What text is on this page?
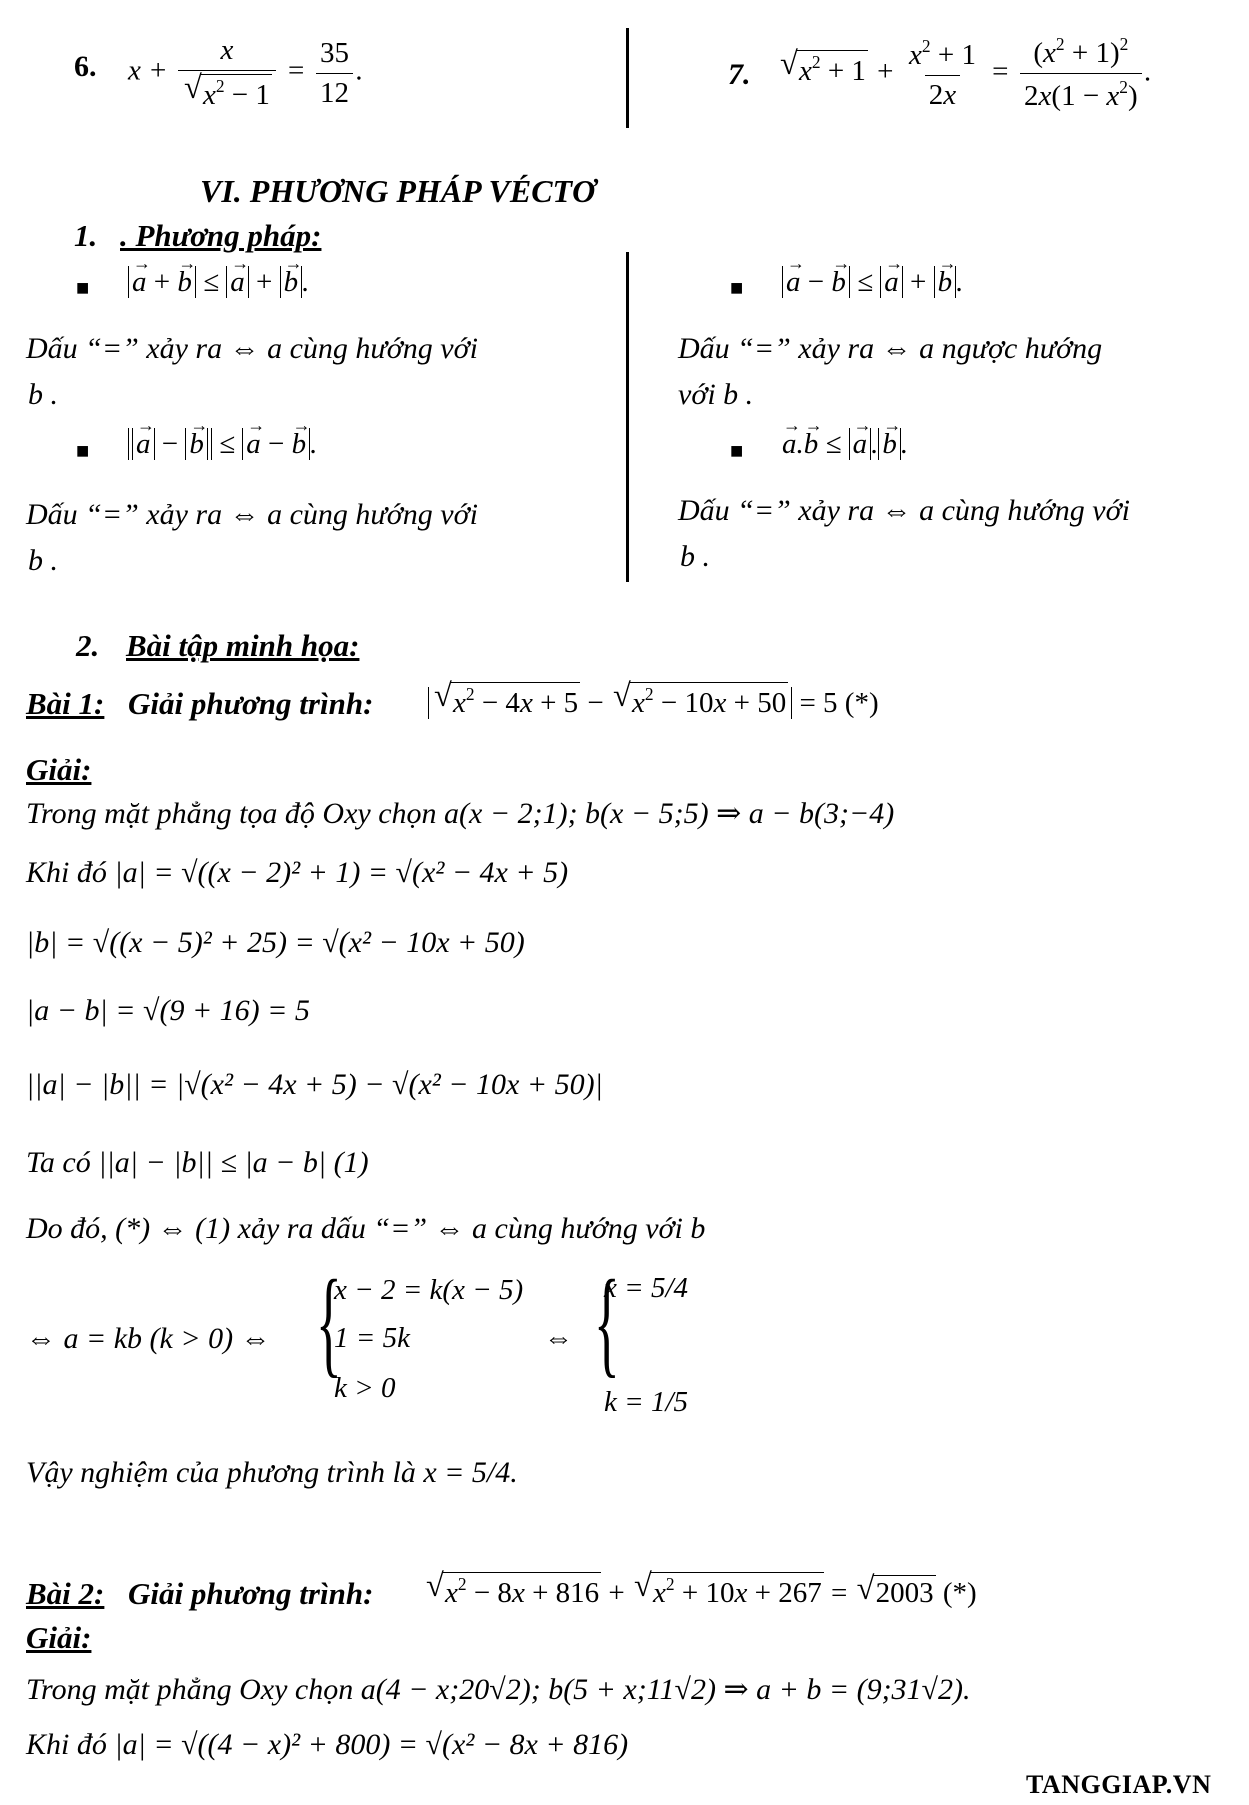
6. x + x
√ $x^2 - 1 = \frac{35}{12}$ .	7.	√ $x^2 + 1 + \frac{x^2 + 1}{2x} = \frac{(x^2 + 1)^2}{2x(1 - x^2)}$ .
VI. PHƯƠNG PHÁP VÉCTƠ
1. . Phương pháp:
■ a → + b → ≤ a → + b → .
Dấu “=” xảy ra ⇔ a cùng hướng với
b .
■ a → − b → ≤ a → − b → .
Dấu “=” xảy ra ⇔ a cùng hướng với
b .
■ a → − b → ≤ a → + b → .
Dấu “=” xảy ra ⇔ a ngược hướng
với b .
■ a →.b → ≤ a → . b → .
Dấu “=” xảy ra ⇔ a cùng hướng với
b .
2. Bài tập minh họa:
Bài 1: Giải phương trình:	√ $x^2 - 4x + 5$ − √ $x^2 - 10x + 50 = 5$ (*)
Giải:
Trong mặt phẳng tọa độ Oxy chọn a(x − 2;1); b(x − 5;5) ⇒ a − b(3;−4)
Khi đó |a| = √((x − 2)² + 1) = √(x² − 4x + 5)
|b| = √((x − 5)² + 25) = √(x² − 10x + 50)
|a − b| = √(9 + 16) = 5
||a| − |b|| = |√(x² − 4x + 5) − √(x² − 10x + 50)|
Ta có ||a| − |b|| ≤ |a − b| (1)
Do đó, (*) ⇔ (1) xảy ra dấu “=” ⇔ a cùng hướng với b
⇔ a = kb (k > 0) ⇔ {
x − 2 = k(x − 5)
1 = 5k
k > 0
⇔ {
x = 5/4
k = 1/5
Vậy nghiệm của phương trình là x = 5/4.
Bài 2: Giải phương trình:	√ $x^2 - 8x + 816$ + √ $x^2 + 10x + 267$ = √ 2003 (*)
Giải:
Trong mặt phẳng Oxy chọn a(4 − x;20√2); b(5 + x;11√2) ⇒ a + b = (9;31√2).
Khi đó |a| = √((4 − x)² + 800) = √(x² − 8x + 816)
TANGGIAP.VN
